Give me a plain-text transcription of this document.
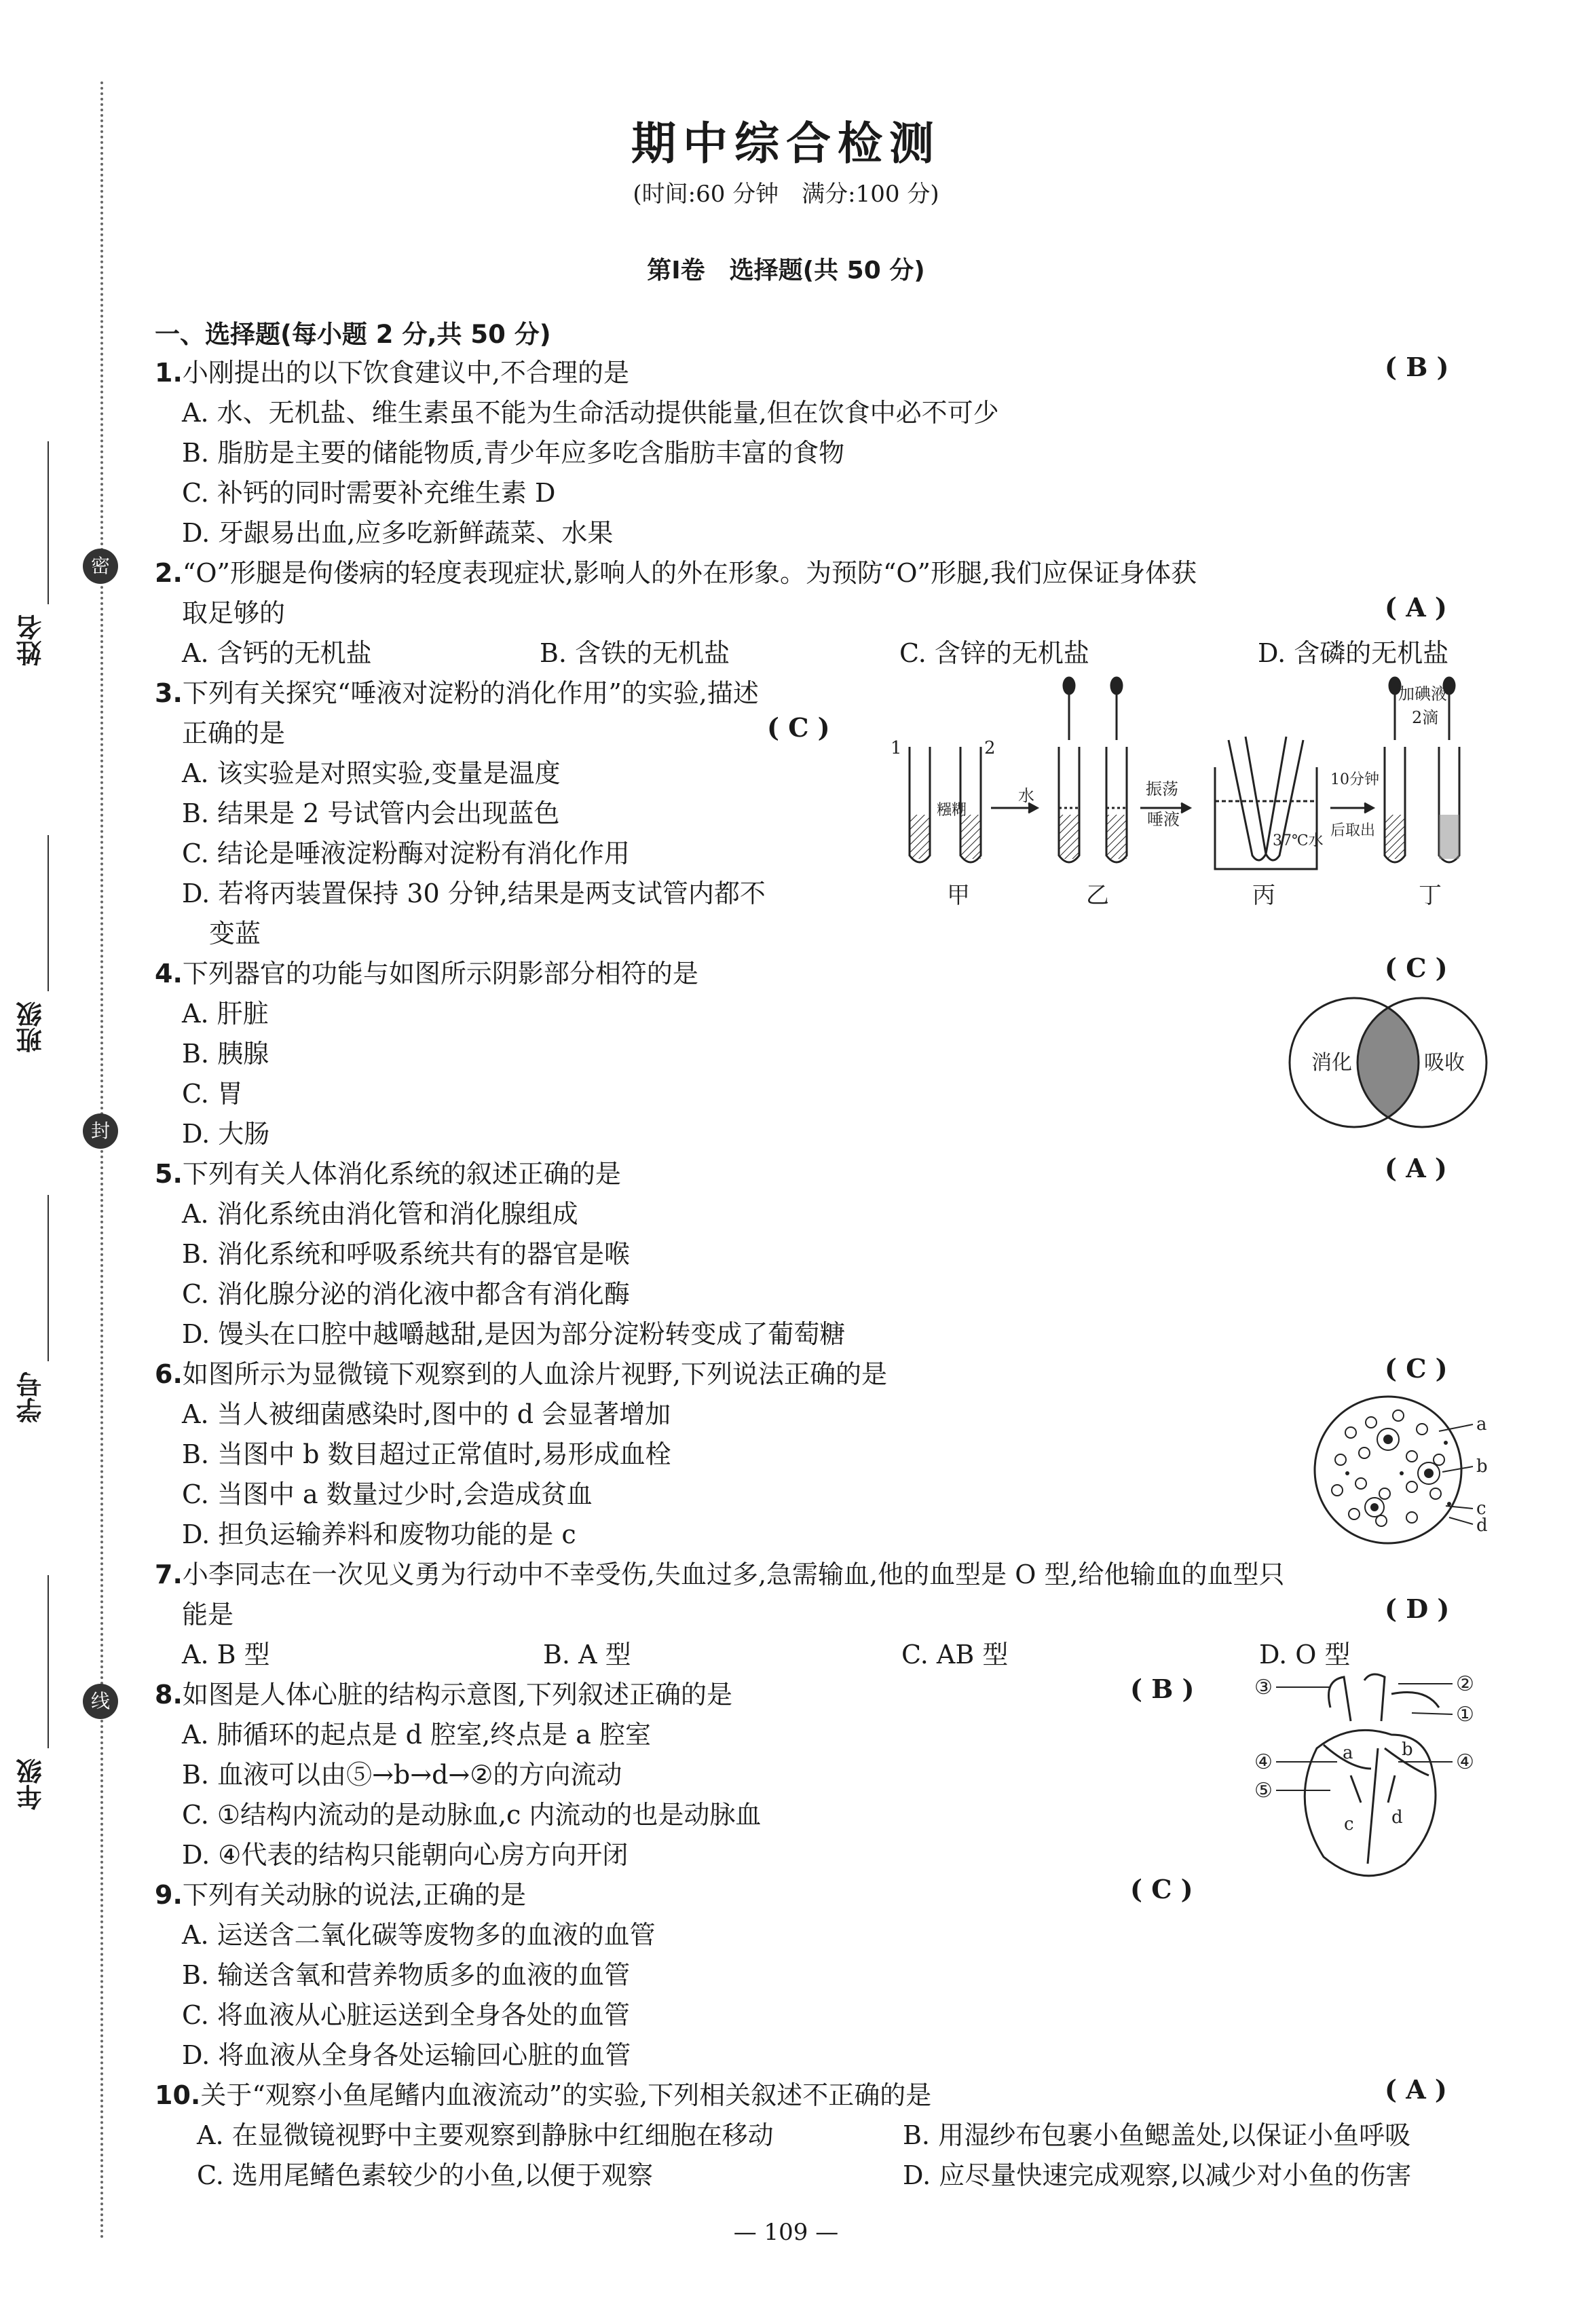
密
封
线
姓名
班级
学号
年级
期中综合检测
(时间:60 分钟　满分:100 分)
第Ⅰ卷　选择题(共 50 分)
一、选择题(每小题 2 分,共 50 分)
1.小刚提出的以下饮食建议中,不合理的是	( B )
A. 水、无机盐、维生素虽不能为生命活动提供能量,但在饮食中必不可少
B. 脂肪是主要的储能物质,青少年应多吃含脂肪丰富的食物
C. 补钙的同时需要补充维生素 D
D. 牙龈易出血,应多吃新鲜蔬菜、水果
2.“O”形腿是佝偻病的轻度表现症状,影响人的外在形象。为预防“O”形腿,我们应保证身体获
取足够的	( A )
A. 含钙的无机盐	B. 含铁的无机盐	C. 含锌的无机盐	D. 含磷的无机盐
3.下列有关探究“唾液对淀粉的消化作用”的实验,描述
正确的是	( C )
A. 该实验是对照实验,变量是温度
B. 结果是 2 号试管内会出现蓝色
C. 结论是唾液淀粉酶对淀粉有消化作用
D. 若将丙装置保持 30 分钟,结果是两支试管内都不
变蓝
1	2
糨糊
水	振荡
唾液
37℃水
10分钟
后取出
加碘液
2滴
甲	乙	丙	丁
4.下列器官的功能与如图所示阴影部分相符的是	( C )
A. 肝脏
B. 胰腺
C. 胃
D. 大肠
消化	吸收
5.下列有关人体消化系统的叙述正确的是	( A )
A. 消化系统由消化管和消化腺组成
B. 消化系统和呼吸系统共有的器官是喉
C. 消化腺分泌的消化液中都含有消化酶
D. 馒头在口腔中越嚼越甜,是因为部分淀粉转变成了葡萄糖
6.如图所示为显微镜下观察到的人血涂片视野,下列说法正确的是	( C )
A. 当人被细菌感染时,图中的 d 会显著增加
B. 当图中 b 数目超过正常值时,易形成血栓
C. 当图中 a 数量过少时,会造成贫血
D. 担负运输养料和废物功能的是 c
a
b
c
d
7.小李同志在一次见义勇为行动中不幸受伤,失血过多,急需输血,他的血型是 O 型,给他输血的血型只
能是	( D )
A. B 型	B. A 型	C. AB 型	D. O 型
8.如图是人体心脏的结构示意图,下列叙述正确的是	( B )
A. 肺循环的起点是 d 腔室,终点是 a 腔室
B. 血液可以由⑤→b→d→②的方向流动
C. ①结构内流动的是动脉血,c 内流动的也是动脉血
D. ④代表的结构只能朝向心房方向开闭
③	②
①
④	④
⑤
a	b
c d
9.下列有关动脉的说法,正确的是	( C )
A. 运送含二氧化碳等废物多的血液的血管
B. 输送含氧和营养物质多的血液的血管
C. 将血液从心脏运送到全身各处的血管
D. 将血液从全身各处运输回心脏的血管
10.关于“观察小鱼尾鳍内血液流动”的实验,下列相关叙述不正确的是	( A )
A. 在显微镜视野中主要观察到静脉中红细胞在移动	B. 用湿纱布包裹小鱼鳃盖处,以保证小鱼呼吸
C. 选用尾鳍色素较少的小鱼,以便于观察	D. 应尽量快速完成观察,以减少对小鱼的伤害
— 109 —
